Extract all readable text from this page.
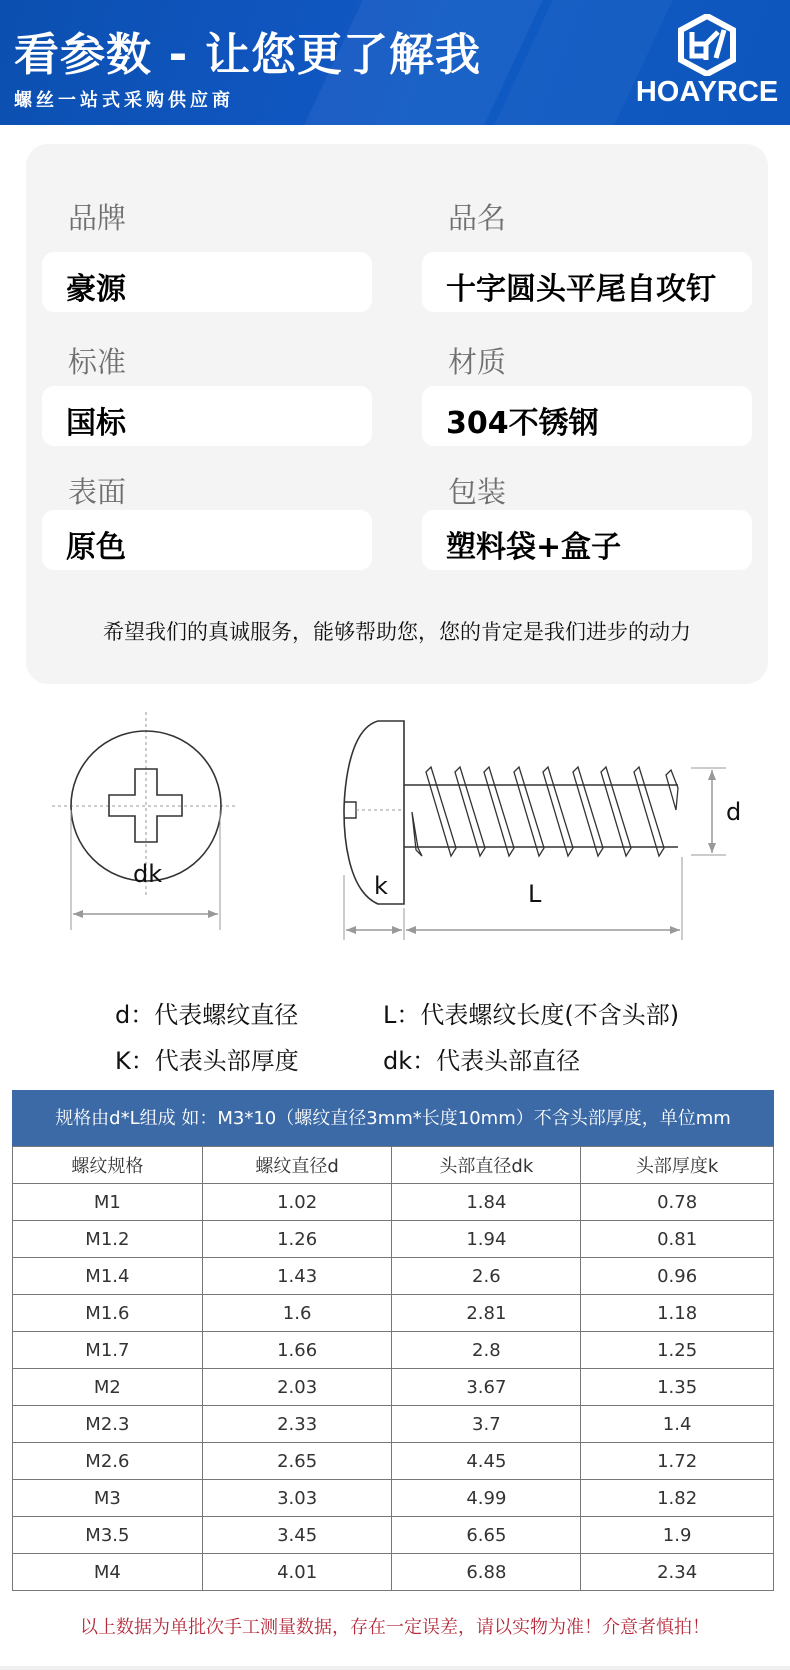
看参数 - 让您更了解我
螺丝一站式采购供应商	HOAYRCE
品牌	品名
豪源	十字圆头平尾自攻钉
标准	材质
国标	304不锈钢
表面	包装
原色	塑料袋+盒子
希望我们的真诚服务，能够帮助您，您的肯定是我们进步的动力
dk	k	L
d
d：代表螺纹直径	L：代表螺纹长度(不含头部)
K：代表头部厚度	dk：代表头部直径
规格由d*L组成 如：M3*10（螺纹直径3mm*长度10mm）不含头部厚度，单位mm
螺纹规格	螺纹直径d	头部直径dk	头部厚度k
M1	1.02	1.84	0.78
M1.2	1.26	1.94	0.81
M1.4	1.43	2.6	0.96
M1.6	1.6	2.81	1.18
M1.7	1.66	2.8	1.25
M2	2.03	3.67	1.35
M2.3	2.33	3.7	1.4
M2.6	2.65	4.45	1.72
M3	3.03	4.99	1.82
M3.5	3.45	6.65	1.9
M4	4.01	6.88	2.34
以上数据为单批次手工测量数据，存在一定误差，请以实物为准！介意者慎拍！
